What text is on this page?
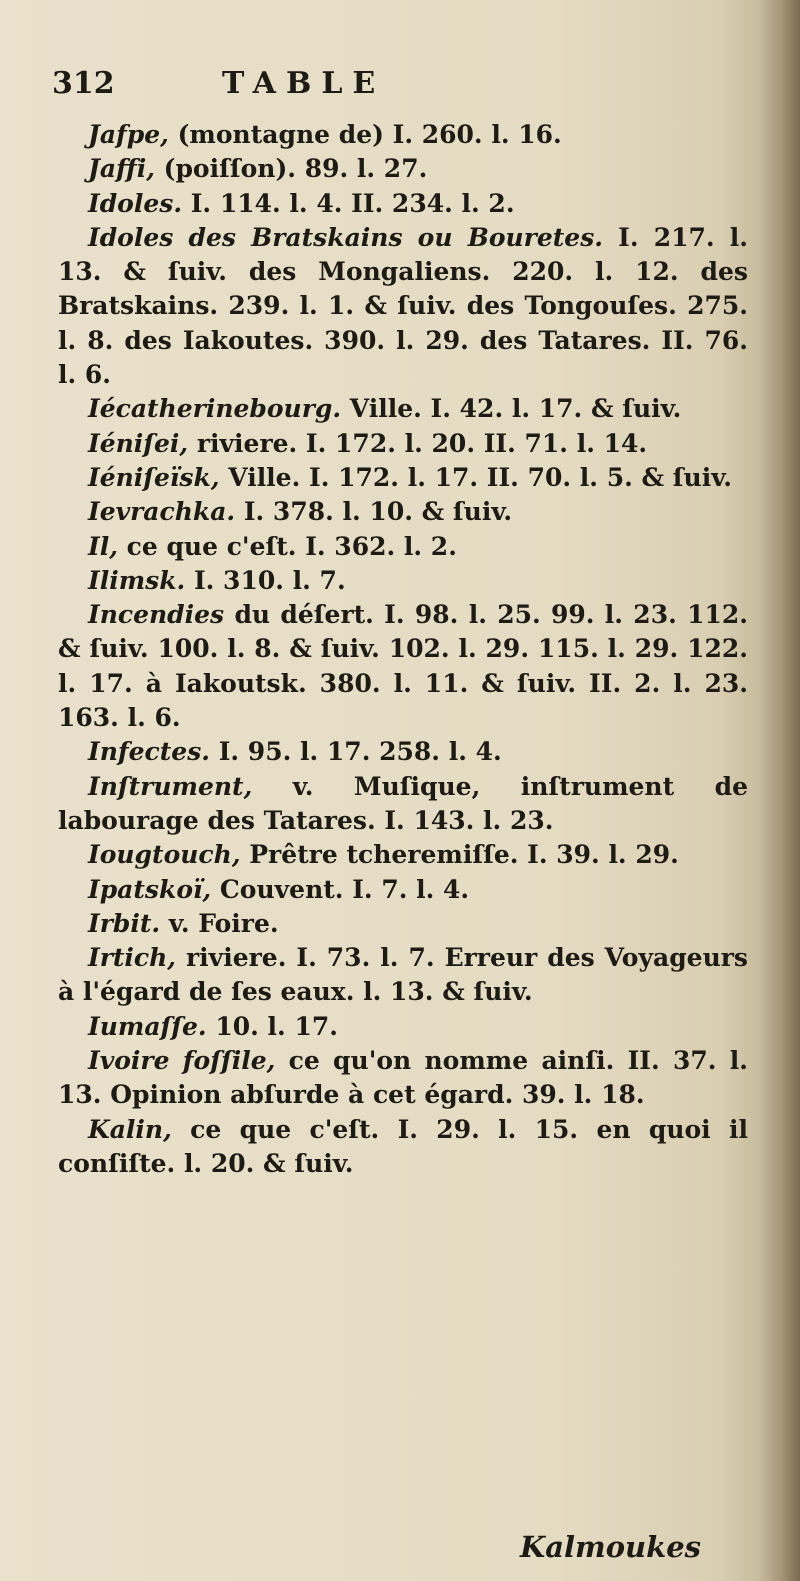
312	TABLE

Jafpe, (montagne de) I. 260. l. 16.

Jaffi, (poiſſon). 89. l. 27.

Idoles. I. 114. l. 4. II. 234. l. 2.

Idoles des Bratskains ou Bouretes. I. 217. l. 13. & ſuiv. des Mongaliens. 220. l. 12. des Bratskains. 239. l. 1. & ſuiv. des Tongouſes. 275. l. 8. des Iakoutes. 390. l. 29. des Tatares. II. 76. l. 6.

Iécatherinebourg. Ville. I. 42. l. 17. & ſuiv.

Iéniſei, riviere. I. 172. l. 20. II. 71. l. 14.

Iéniſeïsk, Ville. I. 172. l. 17. II. 70. l. 5. & ſuiv.

Ievrachka. I. 378. l. 10. & ſuiv.

Il, ce que c'eſt. I. 362. l. 2.

Ilimsk. I. 310. l. 7.

Incendies du déſert. I. 98. l. 25. 99. l. 23. 112. & ſuiv. 100. l. 8. & ſuiv. 102. l. 29. 115. l. 29. 122. l. 17. à Iakoutsk. 380. l. 11. & ſuiv. II. 2. l. 23. 163. l. 6.

Infectes. I. 95. l. 17. 258. l. 4.

Inſtrument, v. Muſique, inſtrument de labourage des Tatares. I. 143. l. 23.

Iougtouch, Prêtre tcheremiſſe. I. 39. l. 29.

Ipatskoï, Couvent. I. 7. l. 4.

Irbit. v. Foire.

Irtich, riviere. I. 73. l. 7. Erreur des Voyageurs à l'égard de ſes eaux. l. 13. & ſuiv.

Iumaſſe. 10. l. 17.

Ivoire foſſile, ce qu'on nomme ainſi. II. 37. l. 13. Opinion abſurde à cet égard. 39. l. 18.

Kalin, ce que c'eſt. I. 29. l. 15. en quoi il conſiſte. l. 20. & ſuiv.

Kalmoukes
